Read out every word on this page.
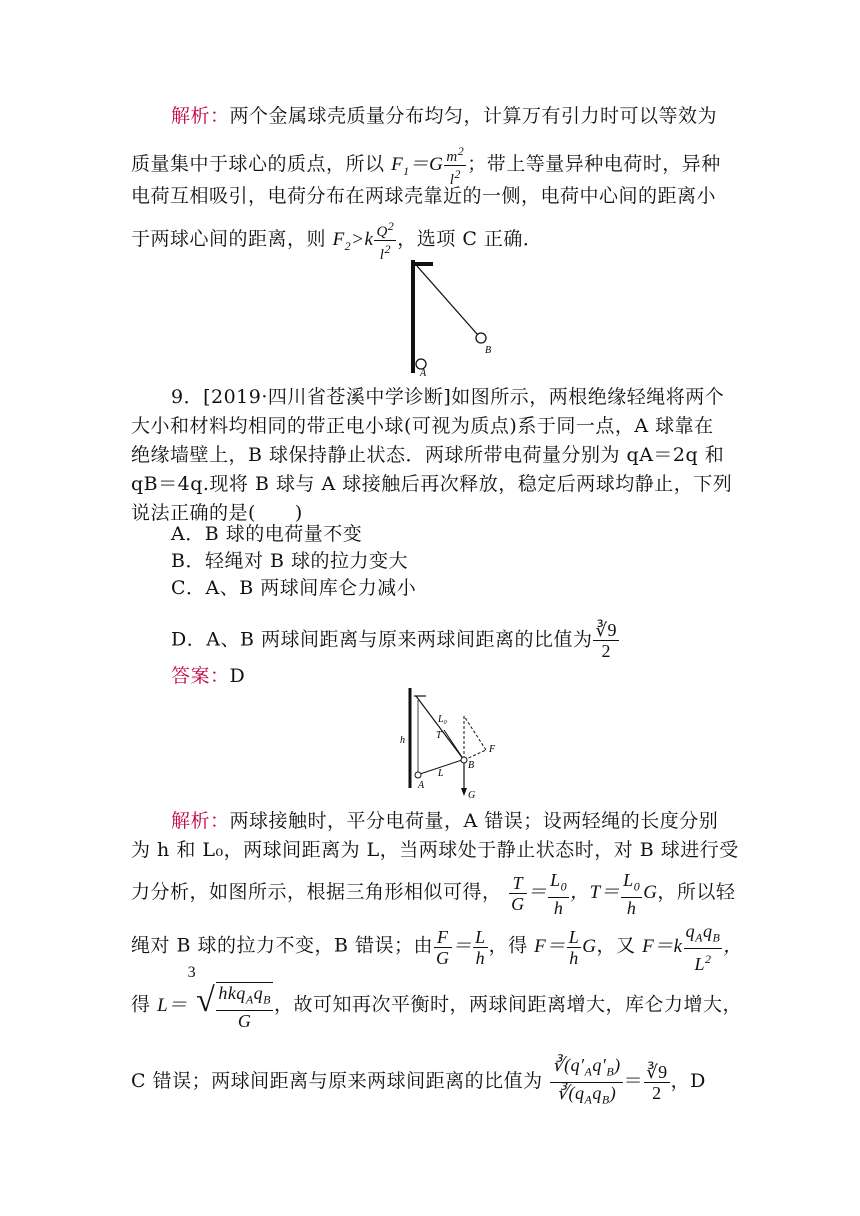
解析：两个金属球壳质量分布均匀，计算万有引力时可以等效为
质量集中于球心的质点，所以 $F_1=G \frac{m^2}{l^2}$ ；带上等量异种电荷时，异种
电荷互相吸引，电荷分布在两球壳靠近的一侧，电荷中心间的距离小
于两球心间的距离，则 $F_2>k \frac{Q^2}{l^2}$ ，选项 C 正确．
B
A
9．[2019·四川省苍溪中学诊断]如图所示，两根绝缘轻绳将两个
大小和材料均相同的带正电小球(可视为质点)系于同一点，A 球靠在
绝缘墙壁上，B 球保持静止状态．两球所带电荷量分别为 qA＝2q 和
qB＝4q.现将 B 球与 A 球接触后再次释放，稳定后两球均静止，下列
说法正确的是(　　)
A．B 球的电荷量不变
B．轻绳对 B 球的拉力变大
C．A、B 两球间库仑力减小
D．A、B 两球间距离与原来两球间距离的比值为 $\frac{∛9}{2}$
答案：D
h
L₀
T
F
B
L
A
G
解析：两球接触时，平分电荷量，A 错误；设两轻绳的长度分别
为 h 和 L₀，两球间距离为 L，当两球处于静止状态时，对 B 球进行受
力分析，如图所示，根据三角形相似可得， $\frac{T}{G} = \frac{L_0}{h}$ ，$T= \frac{L_0}{h}$ G，所以轻
绳对 B 球的拉力不变，B 错误；由 $\frac{F}{G} = \frac{L}{h}$ ，得 $F= \frac{L}{h}$ G，又 $F=k \frac{q_Aq_B}{L^2}$ ，
得 $L=^3√ \frac{hkq_Aq_B}{G}$ ，故可知再次平衡时，两球间距离增大，库仑力增大，
C 错误；两球间距离与原来两球间距离的比值为 $\frac{∛(q'_Aq'_B)}{∛(q_Aq_B)} = \frac{∛9}{2}$ ，D
